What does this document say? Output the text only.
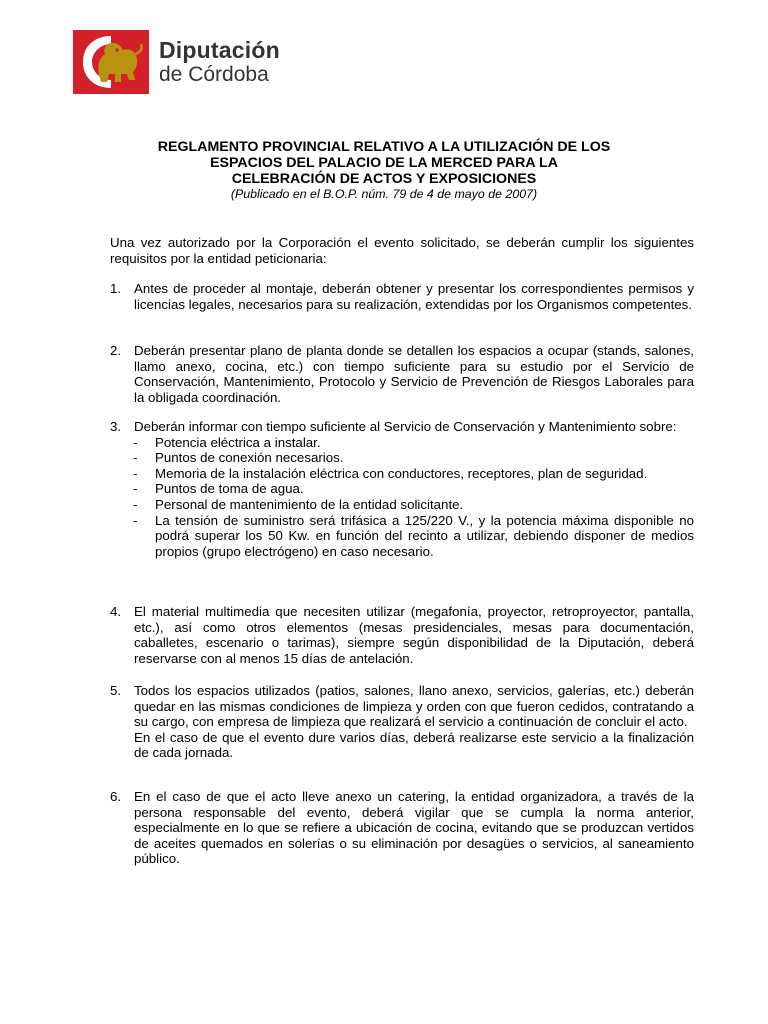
Diputación
de Córdoba
REGLAMENTO PROVINCIAL RELATIVO A LA UTILIZACIÓN DE LOS
ESPACIOS DEL PALACIO DE LA MERCED PARA LA
CELEBRACIÓN DE ACTOS Y EXPOSICIONES
(Publicado en el B.O.P. núm. 79 de 4 de mayo de 2007)
Una vez autorizado por la Corporación el evento solicitado, se deberán cumplir los siguientes requisitos por la entidad peticionaria:
1. Antes de proceder al montaje, deberán obtener y presentar los correspondientes permisos y licencias legales, necesarios para su realización, extendidas por los Organismos competentes.

2. Deberán presentar plano de planta donde se detallen los espacios a ocupar (stands, salones, llamo anexo, cocina, etc.) con tiempo suficiente para su estudio por el Servicio de Conservación, Mantenimiento, Protocolo y Servicio de Prevención de Riesgos Laborales para la obligada coordinación.

3. Deberán informar con tiempo suficiente al Servicio de Conservación y Mantenimiento sobre:

- Potencia eléctrica a instalar.
- Puntos de conexión necesarios.
- Memoria de la instalación eléctrica con conductores, receptores, plan de seguridad.
- Puntos de toma de agua.
- Personal de mantenimiento de la entidad solicitante.
- La tensión de suministro será trifásica a 125/220 V., y la potencia máxima disponible no podrá superar los 50 Kw. en función del recinto a utilizar, debiendo disponer de medios propios (grupo electrógeno) en caso necesario.
4. El material multimedia que necesiten utilizar (megafonía, proyector, retroproyector, pantalla, etc.), así como otros elementos (mesas presidenciales, mesas para documentación, caballetes, escenario o tarimas), siempre según disponibilidad de la Diputación, deberá reservarse con al menos 15 días de antelación.

5. Todos los espacios utilizados (patios, salones, llano anexo, servicios, galerías, etc.) deberán quedar en las mismas condiciones de limpieza y orden con que fueron cedidos, contratando a su cargo, con empresa de limpieza que realizará el servicio a continuación de concluir el acto.

En el caso de que el evento dure varios días, deberá realizarse este servicio a la finalización de cada jornada.

6. En el caso de que el acto lleve anexo un catering, la entidad organizadora, a través de la persona responsable del evento, deberá vigilar que se cumpla la norma anterior, especialmente en lo que se refiere a ubicación de cocina, evitando que se produzcan vertidos de aceites quemados en solerías o su eliminación por desagües o servicios, al saneamiento público.
